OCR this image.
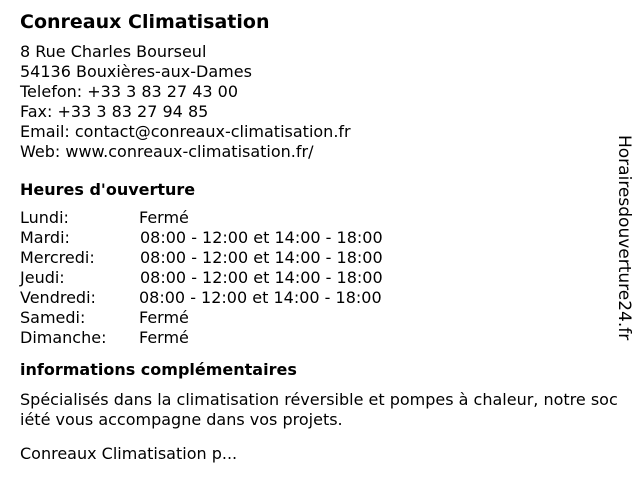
Conreaux Climatisation
8 Rue Charles Bourseul
54136 Bouxières-aux-Dames
Telefon: +33 3 83 27 43 00
Fax: +33 3 83 27 94 85
Email: contact@conreaux-climatisation.fr
Web: www.conreaux-climatisation.fr/
Heures d'ouverture
Lundi:	Fermé
Mardi:	08:00 - 12:00 et 14:00 - 18:00
Mercredi:	08:00 - 12:00 et 14:00 - 18:00
Jeudi:	08:00 - 12:00 et 14:00 - 18:00
Vendredi:	08:00 - 12:00 et 14:00 - 18:00
Samedi:	Fermé
Dimanche: Fermé
informations complémentaires
Spécialisés dans la climatisation réversible et pompes à chaleur, notre société vous accompagne dans vos projets.
Conreaux Climatisation p...
Horairesdouverture24.fr
